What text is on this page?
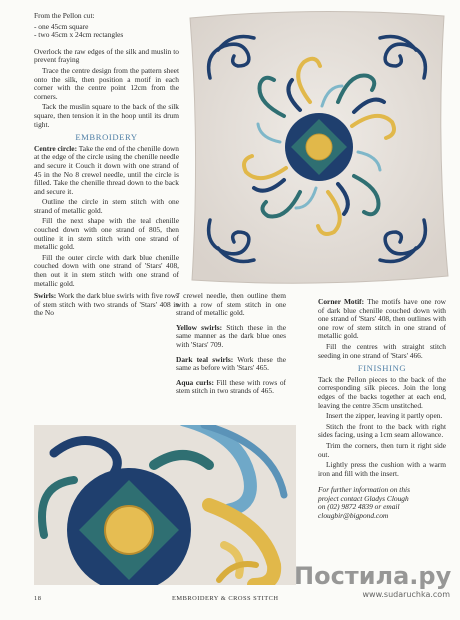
From the Pellon cut:

- one 45cm square

- two 45cm x 24cm rectangles

Overlock the raw edges of the silk and muslin to prevent fraying

Trace the centre design from the pattern sheet onto the silk, then position a motif in each corner with the centre point 12cm from the corners.

Tack the muslin square to the back of the silk square, then tension it in the hoop until its drum tight.

EMBROIDERY

Centre circle: Take the end of the chenille down at the edge of the circle using the chenille needle and secure it Couch it down with one strand of 45 in the No 8 crewel needle, until the circle is filled. Take the chenille thread down to the back and secure it.

Outline the circle in stem stitch with one strand of metallic gold.

Fill the next shape with the teal chenille couched down with one strand of 805, then outline it in stem stitch with one strand of metallic gold.

Fill the outer circle with dark blue chenille couched down with one strand of 'Stars' 408, then out it in stem stitch with one strand of metallic gold.

Swirls: Work the dark blue swirls with five rows of stem stitch with two strands of 'Stars' 408 in the No

7 crewel needle, then outline them with a row of stem stitch in one strand of metallic gold.

Yellow swirls: Stitch these in the same manner as the dark blue ones with 'Stars' 709.

Dark teal swirls: Work these the same as before with 'Stars' 465.

Aqua curls: Fill these with rows of stem stitch in two strands of 465.

Corner Motif: The motifs have one row of dark blue chenille couched down with one strand of 'Stars' 408, then outlines with one row of stem stitch in one strand of metallic gold.

Fill the centres with straight stitch seeding in one strand of 'Stars' 466.

FINISHING

Tack the Pellon pieces to the back of the corresponding silk pieces. Join the long edges of the backs together at each end, leaving the centre 35cm unstitched.

Insert the zipper, leaving it partly open.

Stitch the front to the back with right sides facing, using a 1cm seam allowance.

Trim the corners, then turn it right side out.

Lightly press the cushion with a warm iron and fill with the insert.

For further information on this

project contact Gladys Clough

on (02) 9872 4839 or email

clougbir@bigpond.com

18	EMBROIDERY & CROSS STITCH
Постила.ру
www.sudaruchka.com
